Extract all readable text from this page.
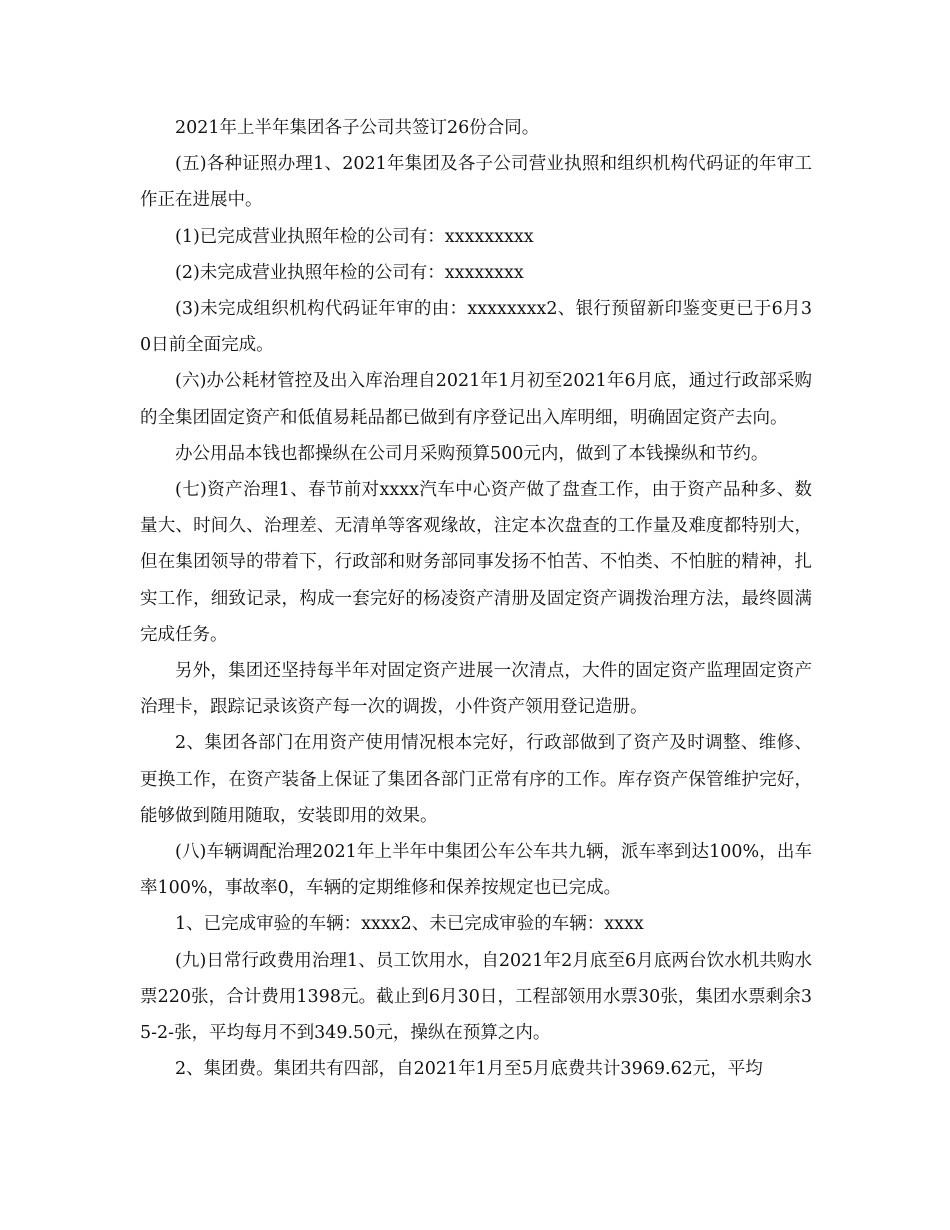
2021年上半年集团各子公司共签订26份合同。

(五)各种证照办理1、2021年集团及各子公司营业执照和组织机构代码证的年审工作正在进展中。

(1)已完成营业执照年检的公司有：xxxxxxxxx

(2)未完成营业执照年检的公司有：xxxxxxxx

(3)未完成组织机构代码证年审的由：xxxxxxxx2、银行预留新印鉴变更已于6月30日前全面完成。

(六)办公耗材管控及出入库治理自2021年1月初至2021年6月底，通过行政部采购的全集团固定资产和低值易耗品都已做到有序登记出入库明细，明确固定资产去向。

办公用品本钱也都操纵在公司月采购预算500元内，做到了本钱操纵和节约。

(七)资产治理1、春节前对xxxx汽车中心资产做了盘查工作，由于资产品种多、数量大、时间久、治理差、无清单等客观缘故，注定本次盘查的工作量及难度都特别大，但在集团领导的带着下，行政部和财务部同事发扬不怕苦、不怕类、不怕脏的精神，扎实工作，细致记录，构成一套完好的杨凌资产清册及固定资产调拨治理方法，最终圆满完成任务。

另外，集团还坚持每半年对固定资产进展一次清点，大件的固定资产监理固定资产治理卡，跟踪记录该资产每一次的调拨，小件资产领用登记造册。

2、集团各部门在用资产使用情况根本完好，行政部做到了资产及时调整、维修、更换工作，在资产装备上保证了集团各部门正常有序的工作。库存资产保管维护完好，能够做到随用随取，安装即用的效果。

(八)车辆调配治理2021年上半年中集团公车公车共九辆，派车率到达100%，出车率100%，事故率0，车辆的定期维修和保养按规定也已完成。

1、已完成审验的车辆：xxxx2、未已完成审验的车辆：xxxx

(九)日常行政费用治理1、员工饮用水，自2021年2月底至6月底两台饮水机共购水票220张，合计费用1398元。截止到6月30日，工程部领用水票30张，集团水票剩余35-2-张，平均每月不到349.50元，操纵在预算之内。

2、集团费。集团共有四部，自2021年1月至5月底费共计3969.62元，平均
